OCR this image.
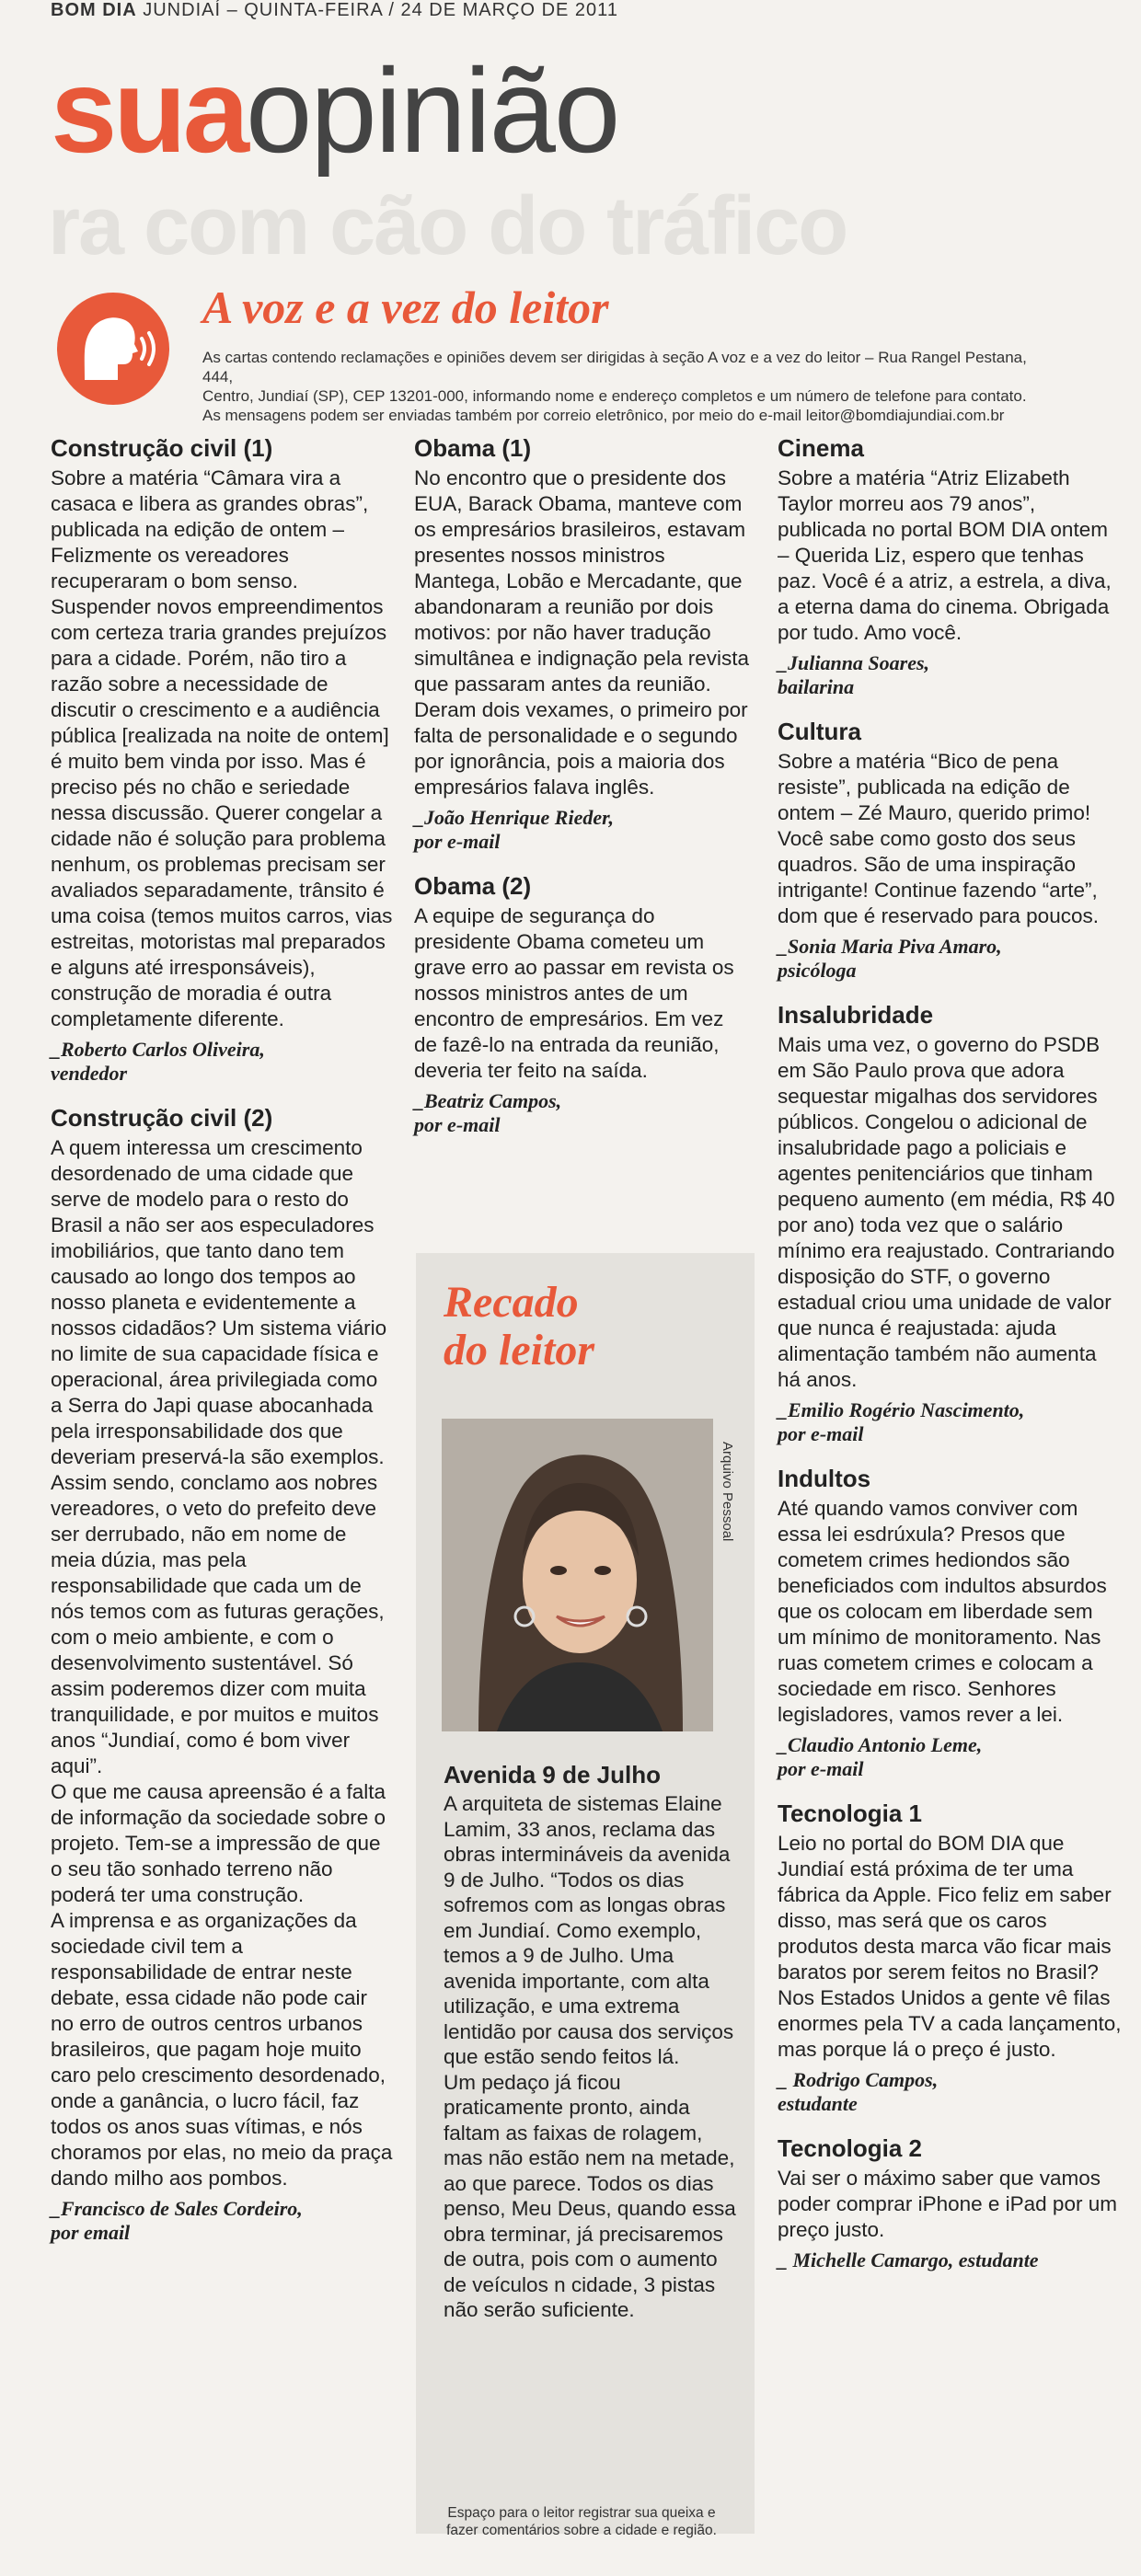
BOM DIA JUNDIAÍ – QUINTA-FEIRA / 24 DE MARÇO DE 2011
ra com cão do tráfico
suaopinião
A voz e a vez do leitor

As cartas contendo reclamações e opiniões devem ser dirigidas à seção A voz e a vez do leitor – Rua Rangel Pestana, 444,

Centro, Jundiaí (SP), CEP 13201-000, informando nome e endereço completos e um número de telefone para contato.

As mensagens podem ser enviadas também por correio eletrônico, por meio do e-mail leitor@bomdiajundiai.com.br

Construção civil (1)

Sobre a matéria “Câmara vira a casaca e libera as grandes obras”, publicada na edição de ontem – Felizmente os vereadores recuperaram o bom senso. Suspender novos empreendimentos com certeza traria grandes prejuízos para a cidade. Porém, não tiro a razão sobre a necessidade de discutir o crescimento e a audiência pública [realizada na noite de ontem] é muito bem vinda por isso. Mas é preciso pés no chão e seriedade nessa discussão. Querer congelar a cidade não é solução para problema nenhum, os problemas precisam ser avaliados separadamente, trânsito é uma coisa (temos muitos carros, vias estreitas, motoristas mal preparados e alguns até irresponsáveis), construção de moradia é outra completamente diferente.

_Roberto Carlos Oliveira,

vendedor

Construção civil (2)

A quem interessa um crescimento desordenado de uma cidade que serve de modelo para o resto do Brasil a não ser aos especuladores imobiliários, que tanto dano tem causado ao longo dos tempos ao nosso planeta e evidentemente a nossos cidadãos? Um sistema viário no limite de sua capacidade física e operacional, área privilegiada como a Serra do Japi quase abocanhada pela irresponsabilidade dos que deveriam preservá-la são exemplos. Assim sendo, conclamo aos nobres vereadores, o veto do prefeito deve ser derrubado, não em nome de meia dúzia, mas pela responsabilidade que cada um de nós temos com as futuras gerações, com o meio ambiente, e com o desenvolvimento sustentável. Só assim poderemos dizer com muita tranquilidade, e por muitos e muitos anos “Jundiaí, como é bom viver aqui”.

O que me causa apreensão é a falta de informação da sociedade sobre o projeto. Tem-se a impressão de que o seu tão sonhado terreno não poderá ter uma construção.

A imprensa e as organizações da sociedade civil tem a responsabilidade de entrar neste debate, essa cidade não pode cair no erro de outros centros urbanos brasileiros, que pagam hoje muito caro pelo crescimento desordenado, onde a ganância, o lucro fácil, faz todos os anos suas vítimas, e nós choramos por elas, no meio da praça dando milho aos pombos.

_Francisco de Sales Cordeiro,

por email

Obama (1)

No encontro que o presidente dos EUA, Barack Obama, manteve com os empresários brasileiros, estavam presentes nossos ministros Mantega, Lobão e Mercadante, que abandonaram a reunião por dois motivos: por não haver tradução simultânea e indignação pela revista que passaram antes da reunião. Deram dois vexames, o primeiro por falta de personalidade e o segundo por ignorância, pois a maioria dos empresários falava inglês.

_João Henrique Rieder,

por e-mail

Obama (2)

A equipe de segurança do presidente Obama cometeu um grave erro ao passar em revista os nossos ministros antes de um encontro de empresários. Em vez de fazê-lo na entrada da reunião, deveria ter feito na saída.

_Beatriz Campos,

por e-mail

Recado
do leitor
Arquivo Pessoal
Avenida 9 de Julho

A arquiteta de sistemas Elaine Lamim, 33 anos, reclama das obras intermináveis da avenida 9 de Julho. “Todos os dias sofremos com as longas obras em Jundiaí. Como exemplo, temos a 9 de Julho. Uma avenida importante, com alta utilização, e uma extrema lentidão por causa dos serviços que estão sendo feitos lá.

Um pedaço já ficou praticamente pronto, ainda faltam as faixas de rolagem, mas não estão nem na metade, ao que parece. Todos os dias penso, Meu Deus, quando essa obra terminar, já precisaremos de outra, pois com o aumento de veículos n cidade, 3 pistas não serão suficiente.

Espaço para o leitor registrar sua queixa e fazer comentários sobre a cidade e região.

Cinema

Sobre a matéria “Atriz Elizabeth Taylor morreu aos 79 anos”, publicada no portal BOM DIA ontem – Querida Liz, espero que tenhas paz. Você é a atriz, a estrela, a diva, a eterna dama do cinema. Obrigada por tudo. Amo você.

_Julianna Soares,

bailarina

Cultura

Sobre a matéria “Bico de pena resiste”, publicada na edição de ontem – Zé Mauro, querido primo! Você sabe como gosto dos seus quadros. São de uma inspiração intrigante! Continue fazendo “arte”, dom que é reservado para poucos.

_Sonia Maria Piva Amaro,

psicóloga

Insalubridade

Mais uma vez, o governo do PSDB em São Paulo prova que adora sequestar migalhas dos servidores públicos. Congelou o adicional de insalubridade pago a policiais e agentes penitenciários que tinham pequeno aumento (em média, R$ 40 por ano) toda vez que o salário mínimo era reajustado. Contrariando disposição do STF, o governo estadual criou uma unidade de valor que nunca é reajustada: ajuda alimentação também não aumenta há anos.

_Emilio Rogério Nascimento,

por e-mail

Indultos

Até quando vamos conviver com essa lei esdrúxula? Presos que cometem crimes hediondos são beneficiados com indultos absurdos que os colocam em liberdade sem um mínimo de monitoramento. Nas ruas cometem crimes e colocam a sociedade em risco. Senhores legisladores, vamos rever a lei.

_Claudio Antonio Leme,

por e-mail

Tecnologia 1

Leio no portal do BOM DIA que Jundiaí está próxima de ter uma fábrica da Apple. Fico feliz em saber disso, mas será que os caros produtos desta marca vão ficar mais baratos por serem feitos no Brasil? Nos Estados Unidos a gente vê filas enormes pela TV a cada lançamento, mas porque lá o preço é justo.

_ Rodrigo Campos,

estudante

Tecnologia 2

Vai ser o máximo saber que vamos poder comprar iPhone e iPad por um preço justo.

_ Michelle Camargo, estudante
